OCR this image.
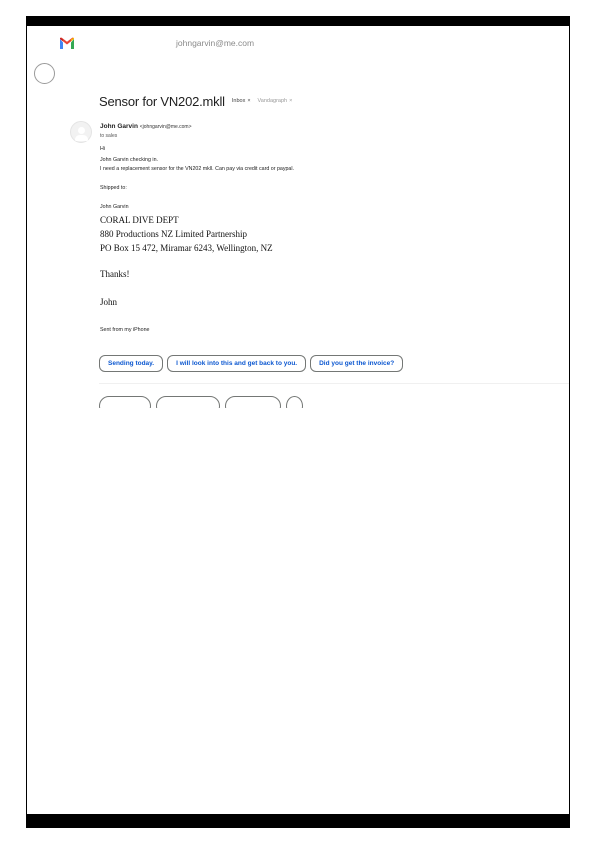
johngarvin@me.com
Sensor for VN202.mkll Inbox × Vandagraph ×
John Garvin <johngarvin@me.com>
to sales
Hi
John Garvin checking in.
I need a replacement sensor for the VN202 mkll. Can pay via credit card or paypal.
Shipped to:
John Garvin
CORAL DIVE DEPT
880 Productions NZ Limited Partnership
PO Box 15 472, Miramar 6243, Wellington, NZ
Thanks!
John
Sent from my iPhone
Sending today.	I will look into this and get back to you.	Did you get the invoice?
